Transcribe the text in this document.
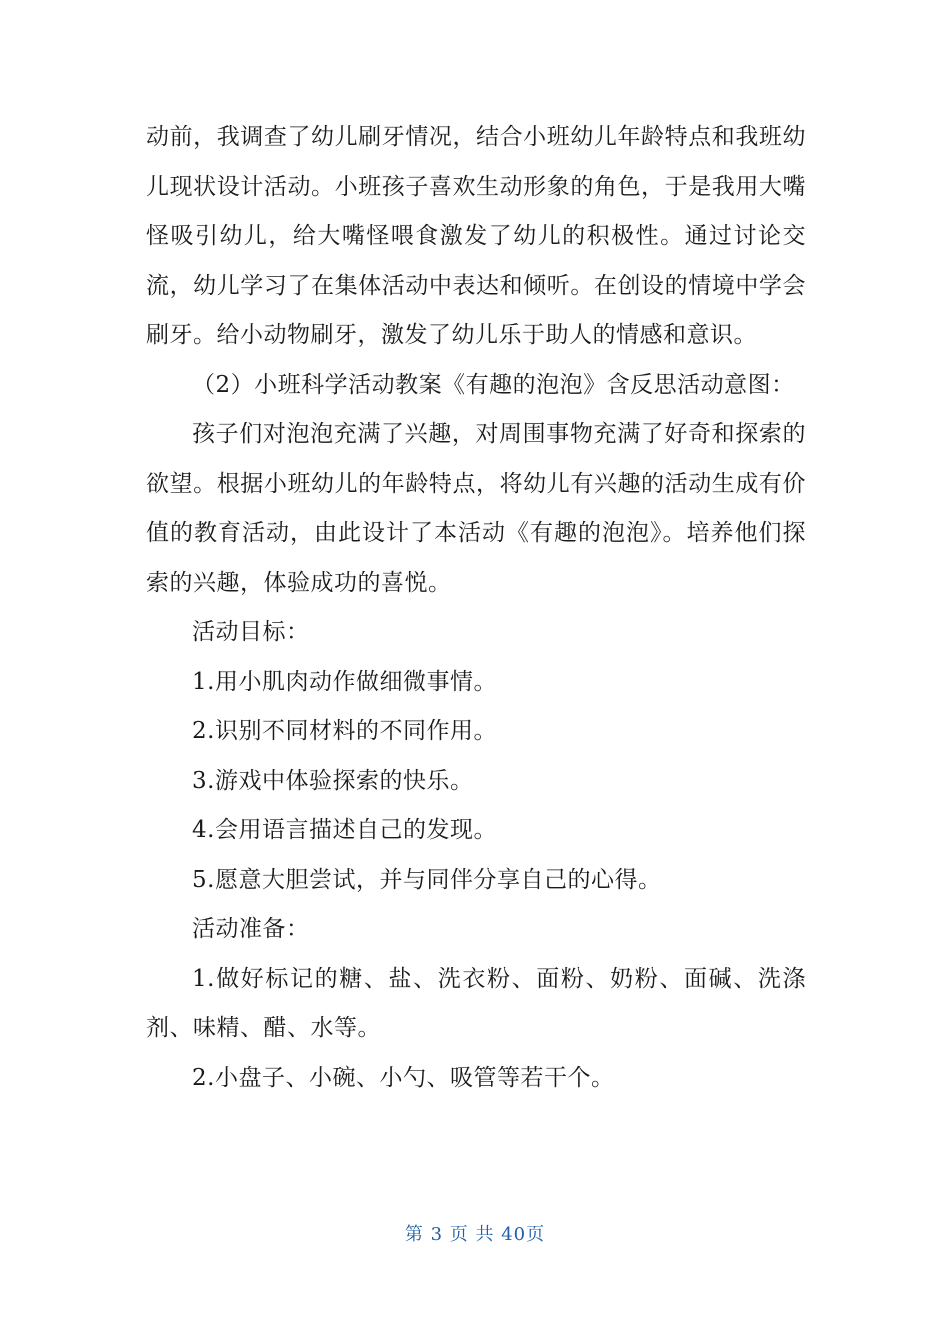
动前，我调查了幼儿刷牙情况，结合小班幼儿年龄特点和我班幼儿现状设计活动。小班孩子喜欢生动形象的角色，于是我用大嘴怪吸引幼儿，给大嘴怪喂食激发了幼儿的积极性。通过讨论交流，幼儿学习了在集体活动中表达和倾听。在创设的情境中学会刷牙。给小动物刷牙，激发了幼儿乐于助人的情感和意识。

（2）小班科学活动教案《有趣的泡泡》含反思活动意图：

孩子们对泡泡充满了兴趣，对周围事物充满了好奇和探索的欲望。根据小班幼儿的年龄特点，将幼儿有兴趣的活动生成有价值的教育活动，由此设计了本活动《有趣的泡泡》。培养他们探索的兴趣，体验成功的喜悦。

活动目标：

1.用小肌肉动作做细微事情。

2.识别不同材料的不同作用。

3.游戏中体验探索的快乐。

4.会用语言描述自己的发现。

5.愿意大胆尝试，并与同伴分享自己的心得。

活动准备：

1.做好标记的糖、盐、洗衣粉、面粉、奶粉、面碱、洗涤剂、味精、醋、水等。

2.小盘子、小碗、小勺、吸管等若干个。

第 3 页 共 40页
